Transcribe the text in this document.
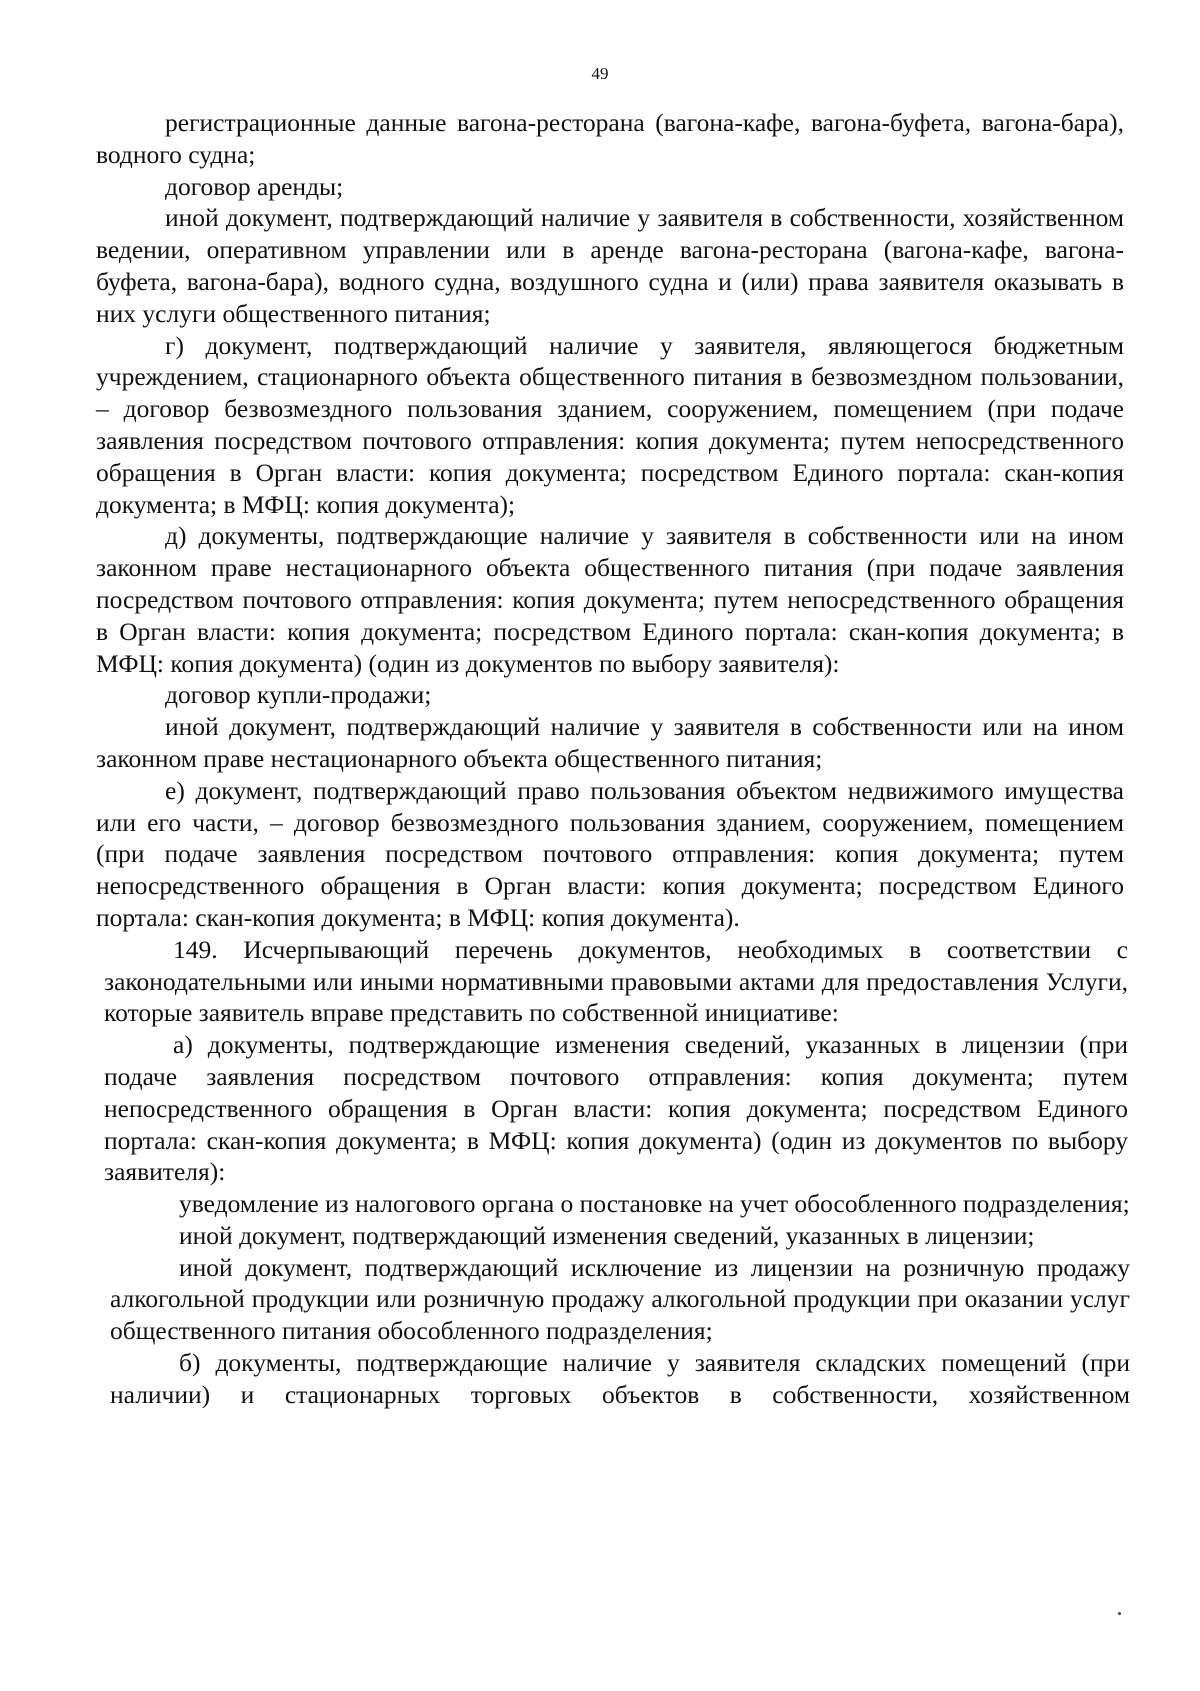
49

регистрационные данные вагона-ресторана (вагона-кафе, вагона-буфета, вагона-бара), водного судна;

договор аренды;

иной документ, подтверждающий наличие у заявителя в собственности, хозяйственном ведении, оперативном управлении или в аренде вагона-ресторана (вагона-кафе, вагона-буфета, вагона-бара), водного судна, воздушного судна и (или) права заявителя оказывать в них услуги общественного питания;

г) документ, подтверждающий наличие у заявителя, являющегося бюджетным учреждением, стационарного объекта общественного питания в безвозмездном пользовании, – договор безвозмездного пользования зданием, сооружением, помещением (при подаче заявления посредством почтового отправления: копия документа; путем непосредственного обращения в Орган власти: копия документа; посредством Единого портала: скан-копия документа; в МФЦ: копия документа);

д) документы, подтверждающие наличие у заявителя в собственности или на ином законном праве нестационарного объекта общественного питания (при подаче заявления посредством почтового отправления: копия документа; путем непосредственного обращения в Орган власти: копия документа; посредством Единого портала: скан-копия документа; в МФЦ: копия документа) (один из документов по выбору заявителя):

договор купли-продажи;

иной документ, подтверждающий наличие у заявителя в собственности или на ином законном праве нестационарного объекта общественного питания;

е) документ, подтверждающий право пользования объектом недвижимого имущества или его части, – договор безвозмездного пользования зданием, сооружением, помещением (при подаче заявления посредством почтового отправления: копия документа; путем непосредственного обращения в Орган власти: копия документа; посредством Единого портала: скан-копия документа; в МФЦ: копия документа).

149. Исчерпывающий перечень документов, необходимых в соответствии с законодательными или иными нормативными правовыми актами для предоставления Услуги, которые заявитель вправе представить по собственной инициативе:

а) документы, подтверждающие изменения сведений, указанных в лицензии (при подаче заявления посредством почтового отправления: копия документа; путем непосредственного обращения в Орган власти: копия документа; посредством Единого портала: скан-копия документа; в МФЦ: копия документа) (один из документов по выбору заявителя):

уведомление из налогового органа о постановке на учет обособленного подразделения;

иной документ, подтверждающий изменения сведений, указанных в лицензии;

иной документ, подтверждающий исключение из лицензии на розничную продажу алкогольной продукции или розничную продажу алкогольной продукции при оказании услуг общественного питания обособленного подразделения;

б) документы, подтверждающие наличие у заявителя складских помещений (при наличии) и стационарных торговых объектов в собственности, хозяйственном
